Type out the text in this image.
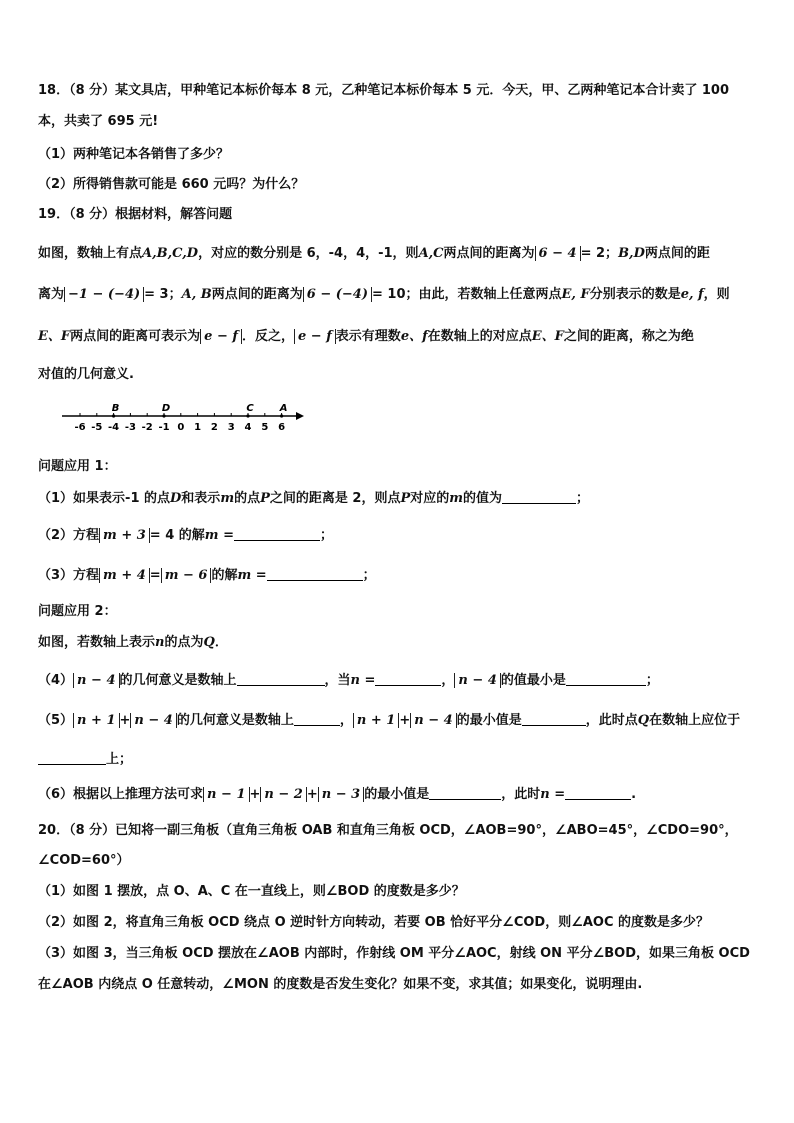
18．（8 分）某文具店，甲种笔记本标价每本 8 元，乙种笔记本标价每本 5 元．今天，甲、乙两种笔记本合计卖了 100
本，共卖了 695 元!
（1）两种笔记本各销售了多少？
（2）所得销售款可能是 660 元吗？为什么？
19．（8 分）根据材料，解答问题
如图，数轴上有点A,B,C,D，对应的数分别是 6，-4，4，-1，则A,C两点间的距离为 6 − 4 = 2；B,D两点间的距
离为 −1 − (−4) = 3；A, B两点间的距离为 6 − (−4) = 10；由此，若数轴上任意两点E, F分别表示的数是e, f，则
E、F两点间的距离可表示为 e − f ．反之， e − f 表示有理数e、f在数轴上的对应点E、F之间的距离，称之为绝
对值的几何意义.
-6 -5 -4 -3 -2 -1 0 1 2 3 4 5 6
B	D	C	A
问题应用 1：
（1）如果表示-1 的点D和表示m的点P之间的距离是 2，则点P对应的m的值为	；
（2）方程 m + 3 = 4 的解m =	；
（3）方程 m + 4 = m − 6 的解m =	；
问题应用 2：
如图，若数轴上表示n的点为Q．
（4） n − 4 的几何意义是数轴上	，当n =	， n − 4 的值最小是	；
（5） n + 1 + n − 4 的几何意义是数轴上	， n + 1 + n − 4 的最小值是	，此时点Q在数轴上应位于
上；
（6）根据以上推理方法可求 n − 1 + n − 2 + n − 3 的最小值是	，此时n =	.
20．（8 分）已知将一副三角板（直角三角板 OAB 和直角三角板 OCD，∠AOB=90°，∠ABO=45°，∠CDO=90°，
∠COD=60°）
（1）如图 1 摆放，点 O、A、C 在一直线上，则∠BOD 的度数是多少？
（2）如图 2，将直角三角板 OCD 绕点 O 逆时针方向转动，若要 OB 恰好平分∠COD，则∠AOC 的度数是多少？
（3）如图 3，当三角板 OCD 摆放在∠AOB 内部时，作射线 OM 平分∠AOC，射线 ON 平分∠BOD，如果三角板 OCD
在∠AOB 内绕点 O 任意转动，∠MON 的度数是否发生变化？如果不变，求其值；如果变化，说明理由.
